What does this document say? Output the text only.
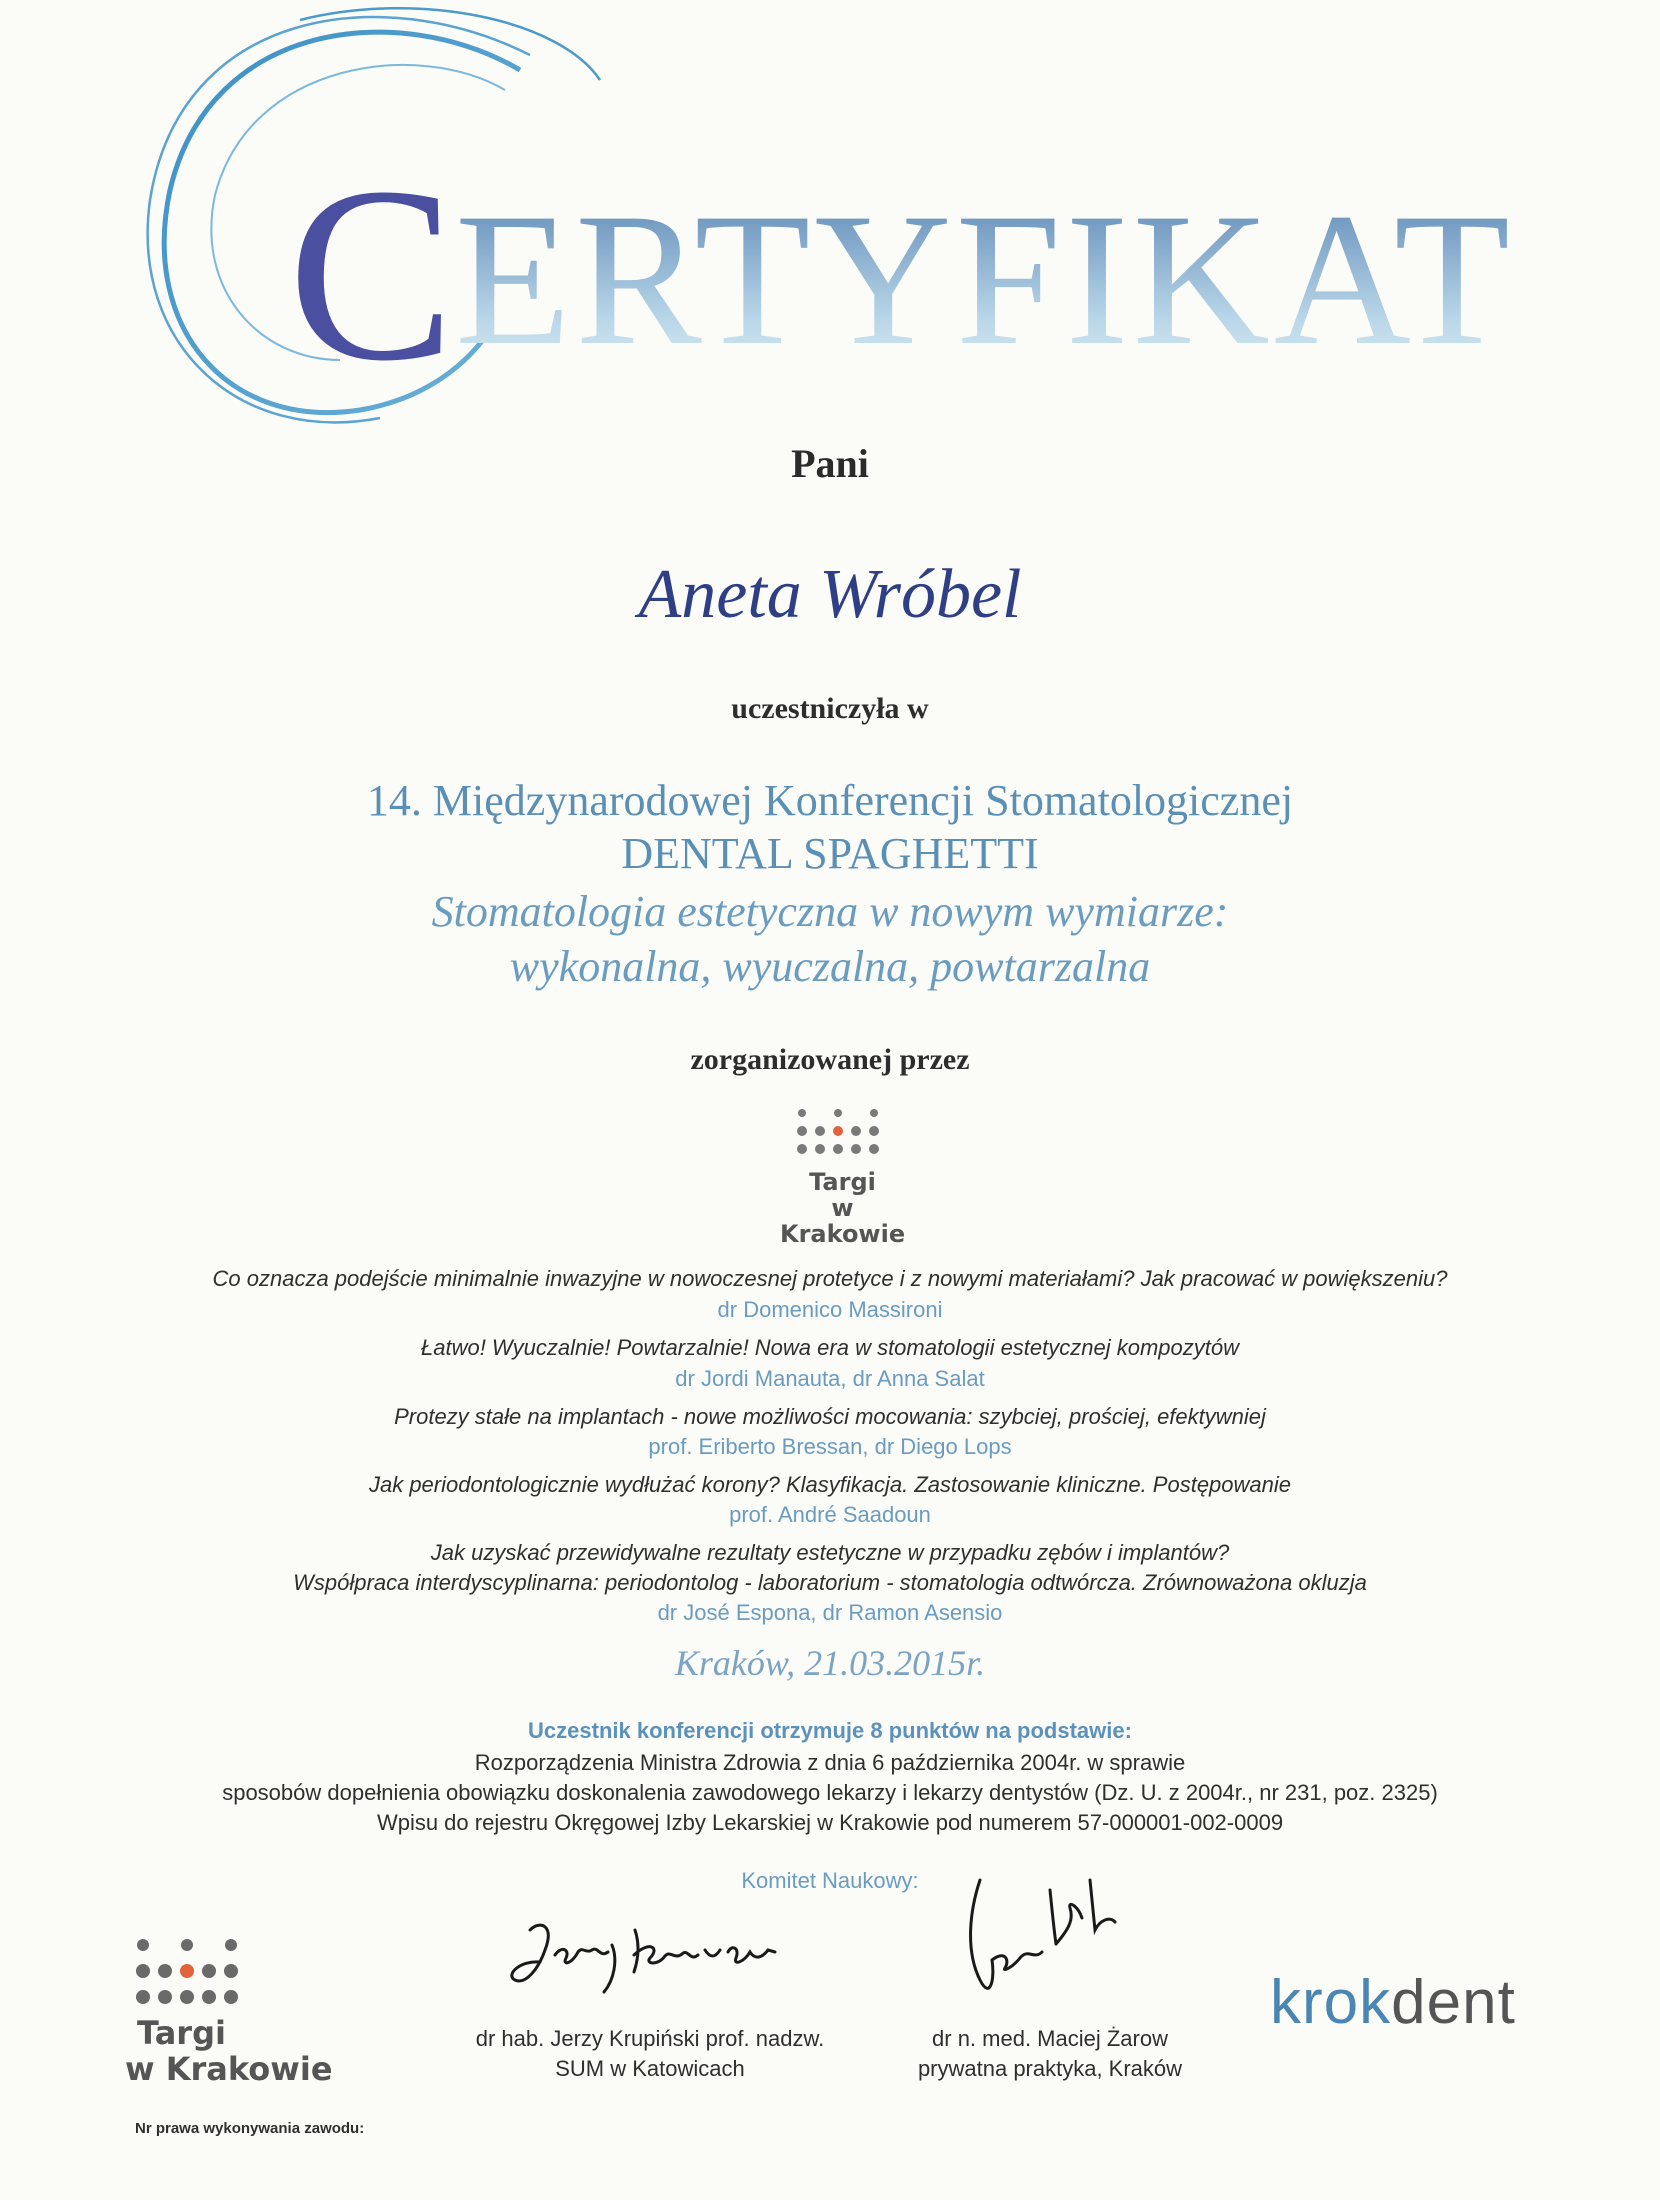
C ERTYFIKAT
Pani
Aneta Wróbel
uczestniczyła w
14. Międzynarodowej Konferencji Stomatologicznej
DENTAL SPAGHETTI
Stomatologia estetyczna w nowym wymiarze:
wykonalna, wyuczalna, powtarzalna
zorganizowanej przez
Targi
w Krakowie
Co oznacza podejście minimalnie inwazyjne w nowoczesnej protetyce i z nowymi materiałami? Jak pracować w powiększeniu?
dr Domenico Massironi
Łatwo! Wyuczalnie! Powtarzalnie! Nowa era w stomatologii estetycznej kompozytów
dr Jordi Manauta, dr Anna Salat
Protezy stałe na implantach - nowe możliwości mocowania: szybciej, prościej, efektywniej
prof. Eriberto Bressan, dr Diego Lops
Jak periodontologicznie wydłużać korony? Klasyfikacja. Zastosowanie kliniczne. Postępowanie
prof. André Saadoun
Jak uzyskać przewidywalne rezultaty estetyczne w przypadku zębów i implantów?
Współpraca interdyscyplinarna: periodontolog - laboratorium - stomatologia odtwórcza. Zrównoważona okluzja
dr José Espona, dr Ramon Asensio
Kraków, 21.03.2015r.
Uczestnik konferencji otrzymuje 8 punktów na podstawie:
Rozporządzenia Ministra Zdrowia z dnia 6 października 2004r. w sprawie
sposobów dopełnienia obowiązku doskonalenia zawodowego lekarzy i lekarzy dentystów (Dz. U. z 2004r., nr 231, poz. 2325)
Wpisu do rejestru Okręgowej Izby Lekarskiej w Krakowie pod numerem 57-000001-002-0009
Komitet Naukowy:
dr hab. Jerzy Krupiński prof. nadzw.
SUM w Katowicach
dr n. med. Maciej Żarow
prywatna praktyka, Kraków
Targi
w Krakowie
krokdent
Nr prawa wykonywania zawodu:
